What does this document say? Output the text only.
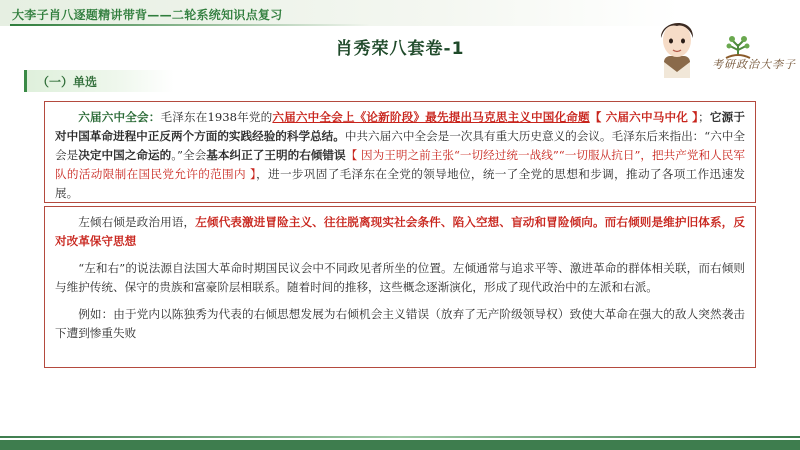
大李子肖八逐题精讲带背——二轮系统知识点复习
肖秀荣八套卷-1
考研政治大李子
（一）单选

六届六中全会：毛泽东在1938年党的六届六中全会上《论新阶段》最先提出马克思主义中国化命题【 六届六中马中化 】；它源于对中国革命进程中正反两个方面的实践经验的科学总结。中共六届六中全会是一次具有重大历史意义的会议。毛泽东后来指出：“六中全会是决定中国之命运的。”全会基本纠正了王明的右倾错误【 因为王明之前主张“一切经过统一战线”“一切服从抗日”，把共产党和人民军队的活动限制在国民党允许的范围内 】，进一步巩固了毛泽东在全党的领导地位，统一了全党的思想和步调，推动了各项工作迅速发展。

左倾右倾是政治用语，左倾代表激进冒险主义、往往脱离现实社会条件、陷入空想、盲动和冒险倾向。而右倾则是维护旧体系，反对改革保守思想

“左和右”的说法源自法国大革命时期国民议会中不同政见者所坐的位置。左倾通常与追求平等、激进革命的群体相关联，而右倾则与维护传统、保守的贵族和富豪阶层相联系。随着时间的推移，这些概念逐渐演化，形成了现代政治中的左派和右派。

例如：由于党内以陈独秀为代表的右倾思想发展为右倾机会主义错误（放弃了无产阶级领导权）致使大革命在强大的敌人突然袭击下遭到惨重失败
